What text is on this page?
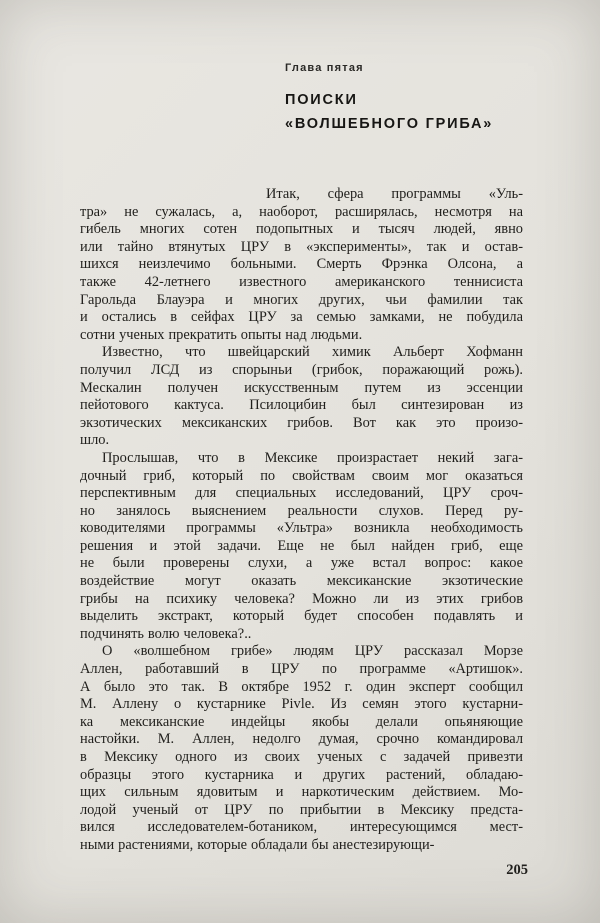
Глава пятая
ПОИСКИ
«ВОЛШЕБНОГО ГРИБА»
Итак, сфера программы «Уль-
тра» не сужалась, а, наоборот, расширялась, несмотря на
гибель многих сотен подопытных и тысяч людей, явно
или тайно втянутых ЦРУ в «эксперименты», так и остав-
шихся неизлечимо больными. Смерть Фрэнка Олсона, а
также 42-летнего известного американского теннисиста
Гарольда Блауэра и многих других, чьи фамилии так
и остались в сейфах ЦРУ за семью замками, не побудила
сотни ученых прекратить опыты над людьми.
Известно, что швейцарский химик Альберт Хофманн
получил ЛСД из спорыньи (грибок, поражающий рожь).
Мескалин получен искусственным путем из эссенции
пейотового кактуса. Псилоцибин был синтезирован из
экзотических мексиканских грибов. Вот как это произо-
шло.
Прослышав, что в Мексике произрастает некий зага-
дочный гриб, который по свойствам своим мог оказаться
перспективным для специальных исследований, ЦРУ сроч-
но занялось выяснением реальности слухов. Перед ру-
ководителями программы «Ультра» возникла необходимость
решения и этой задачи. Еще не был найден гриб, еще
не были проверены слухи, а уже встал вопрос: какое
воздействие могут оказать мексиканские экзотические
грибы на психику человека? Можно ли из этих грибов
выделить экстракт, который будет способен подавлять и
подчинять волю человека?..
О «волшебном грибе» людям ЦРУ рассказал Морзе
Аллен, работавший в ЦРУ по программе «Артишок».
А было это так. В октябре 1952 г. один эксперт сообщил
М. Аллену о кустарнике Pivle. Из семян этого кустарни-
ка мексиканские индейцы якобы делали опьяняющие
настойки. М. Аллен, недолго думая, срочно командировал
в Мексику одного из своих ученых с задачей привезти
образцы этого кустарника и других растений, обладаю-
щих сильным ядовитым и наркотическим действием. Мо-
лодой ученый от ЦРУ по прибытии в Мексику предста-
вился исследователем-ботаником, интересующимся мест-
ными растениями, которые обладали бы анестезирующи-
205
